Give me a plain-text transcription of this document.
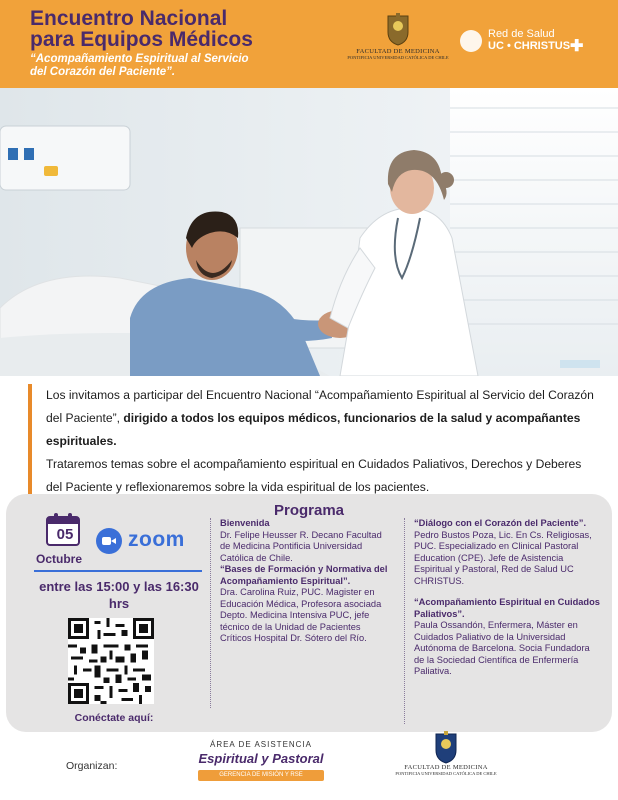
Encuentro Nacional
para Equipos Médicos
“Acompañamiento Espiritual al Servicio
del Corazón del Paciente”.
FACULTAD DE MEDICINA
PONTIFICIA UNIVERSIDAD CATÓLICA DE CHILE
Red de Salud
UC • CHRISTUS ✚

Los invitamos a participar del Encuentro Nacional “Acompañamiento Espiritual al Servicio del Corazón del Paciente”, dirigido a todos los equipos médicos, funcionarios de la salud y acompañantes espirituales.

Trataremos temas sobre el acompañamiento espiritual en Cuidados Paliativos, Derechos y Deberes del Paciente y reflexionaremos sobre la vida espiritual de los pacientes.

Programa
05
Octubre
zoom
entre las 15:00 y las 16:30 hrs
Conéctate aquí:
Bienvenida
Dr. Felipe Heusser R. Decano Facultad de Medicina Pontificia Universidad Católica de Chile.
“Bases de Formación y Normativa del Acompañamiento Espiritual”.
Dra. Carolina Ruiz, PUC. Magister en Educación Médica, Profesora asociada Depto. Medicina Intensiva PUC, jefe técnico de la Unidad de Pacientes Críticos Hospital Dr. Sótero del Río.
“Diálogo con el Corazón del Paciente”.
Pedro Bustos Poza, Lic. En Cs. Religiosas, PUC. Especializado en Clinical Pastoral Education (CPE). Jefe de Asistencia Espiritual y Pastoral, Red de Salud UC CHRISTUS.
“Acompañamiento Espiritual en Cuidados Paliativos”.
Paula Ossandón, Enfermera, Máster en Cuidados Paliativo de la Universidad Autónoma de Barcelona. Socia Fundadora de la Sociedad Científica de Enfermería Paliativa.
Organizan:
ÁREA DE ASISTENCIA
Espiritual y Pastoral
GERENCIA DE MISIÓN Y RSE
FACULTAD DE MEDICINA
PONTIFICIA UNIVERSIDAD CATÓLICA DE CHILE
